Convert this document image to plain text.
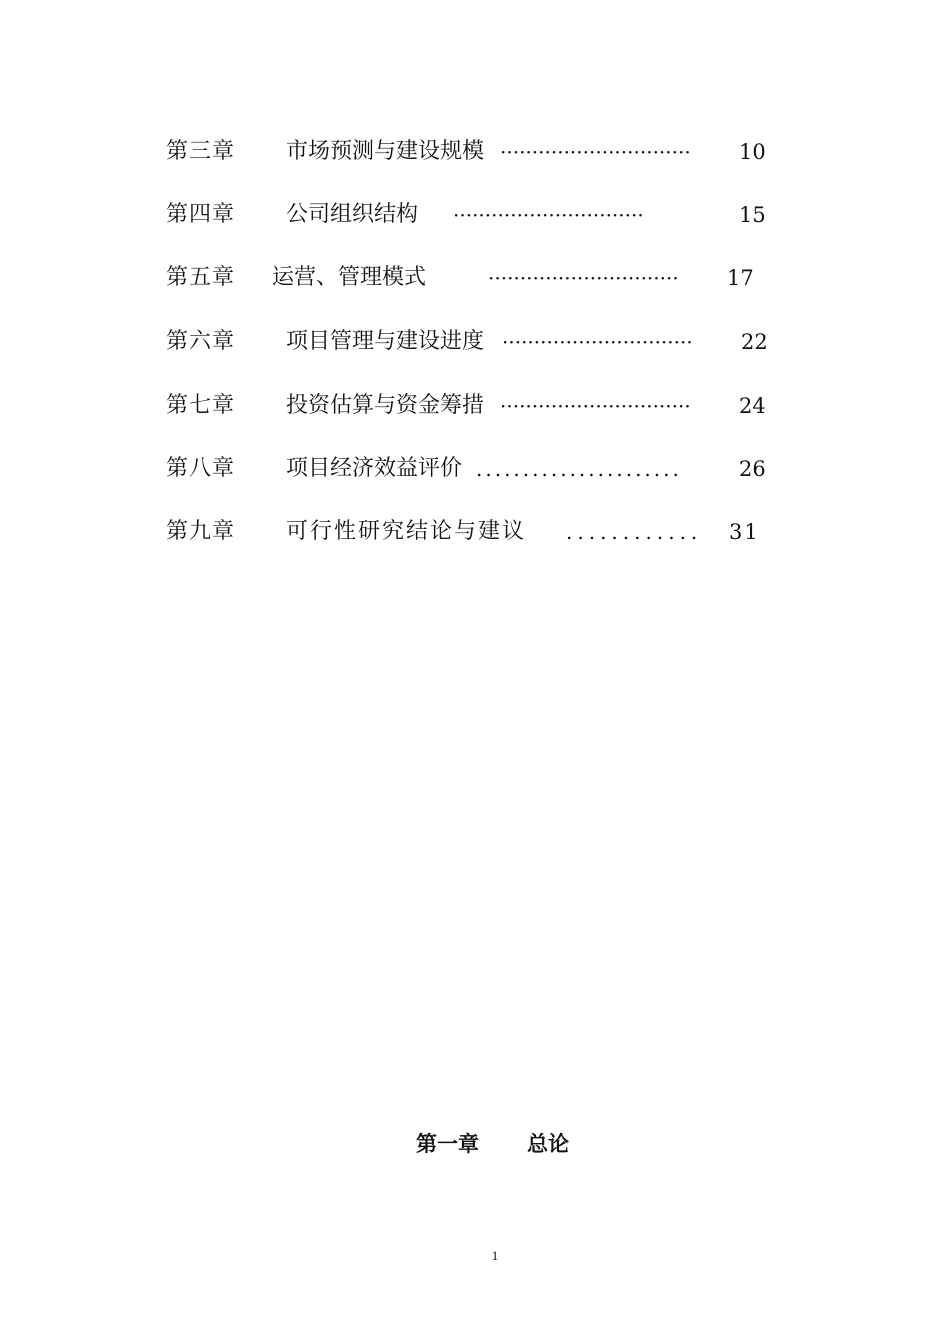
第三章 市场预测与建设规模 ······························ 10
第四章 公司组织结构 ······························	15
第五章 运营、管理模式	······························ 17
第六章 项目管理与建设进度 ······························ 22
第七章 投资估算与资金筹措 ······························ 24
第八章 项目经济效益评价 ......................	26
第九章 可行性研究结论与建议 ............ 31
第一章 总论
1
